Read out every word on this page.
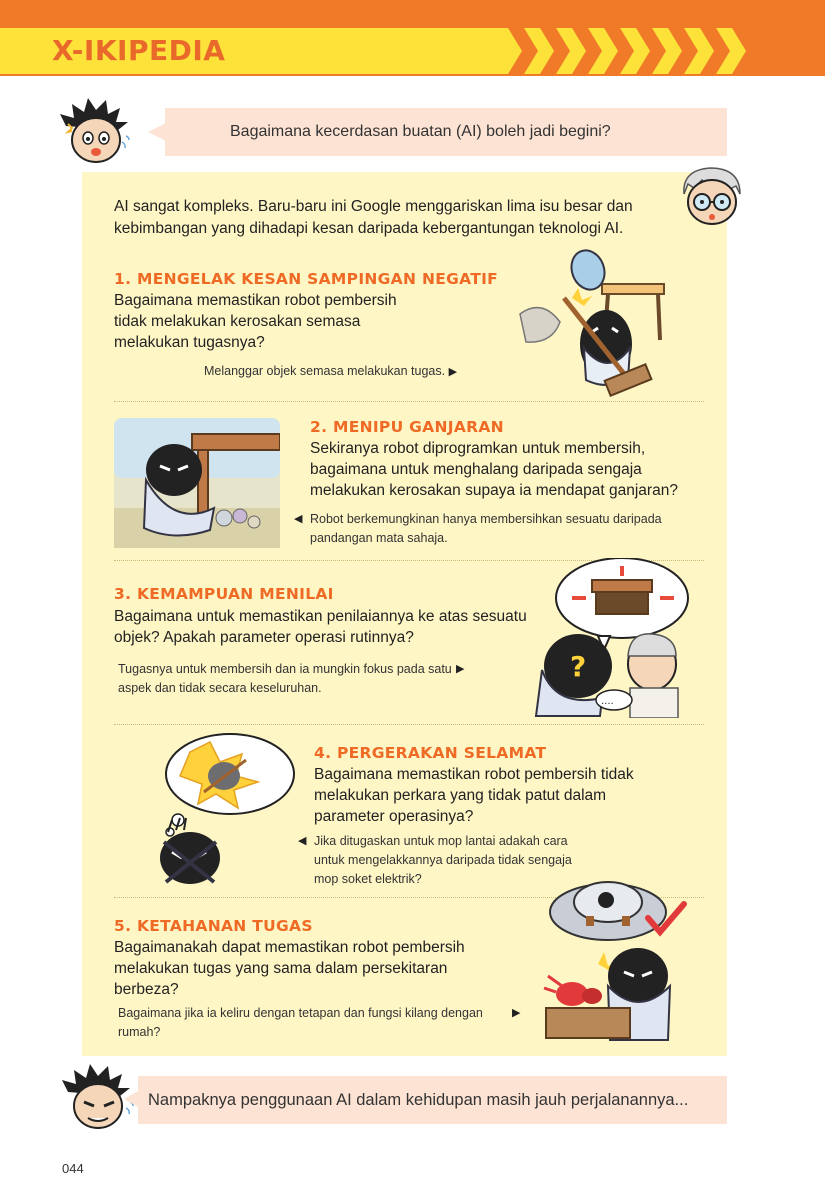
X-IKIPEDIA
Bagaimana kecerdasan buatan (AI) boleh jadi begini?
AI sangat kompleks. Baru-baru ini Google menggariskan lima isu besar dan kebimbangan yang dihadapi kesan daripada kebergantungan teknologi AI.
1. MENGELAK KESAN SAMPINGAN NEGATIF
Bagaimana memastikan robot pembersih tidak melakukan kerosakan semasa melakukan tugasnya?
Melanggar objek semasa melakukan tugas. ▶
2. MENIPU GANJARAN
Sekiranya robot diprogramkan untuk membersih, bagaimana untuk menghalang daripada sengaja melakukan kerosakan supaya ia mendapat ganjaran?
◀ Robot berkemungkinan hanya membersihkan sesuatu daripada pandangan mata sahaja.
3. KEMAMPUAN MENILAI
Bagaimana untuk memastikan penilaiannya ke atas sesuatu objek? Apakah parameter operasi rutinnya?
Tugasnya untuk membersih dan ia mungkin fokus pada satu aspek dan tidak secara keseluruhan.
▶	?
....
4. PERGERAKAN SELAMAT
Bagaimana memastikan robot pembersih tidak melakukan perkara yang tidak patut dalam parameter operasinya?
◀ Jika ditugaskan untuk mop lantai adakah cara untuk mengelakkannya daripada tidak sengaja mop soket elektrik?
5. KETAHANAN TUGAS
Bagaimanakah dapat memastikan robot pembersih melakukan tugas yang sama dalam persekitaran berbeza?
Bagaimana jika ia keliru dengan tetapan dan fungsi kilang dengan rumah?
▶
Nampaknya penggunaan AI dalam kehidupan masih jauh perjalanannya...
044
